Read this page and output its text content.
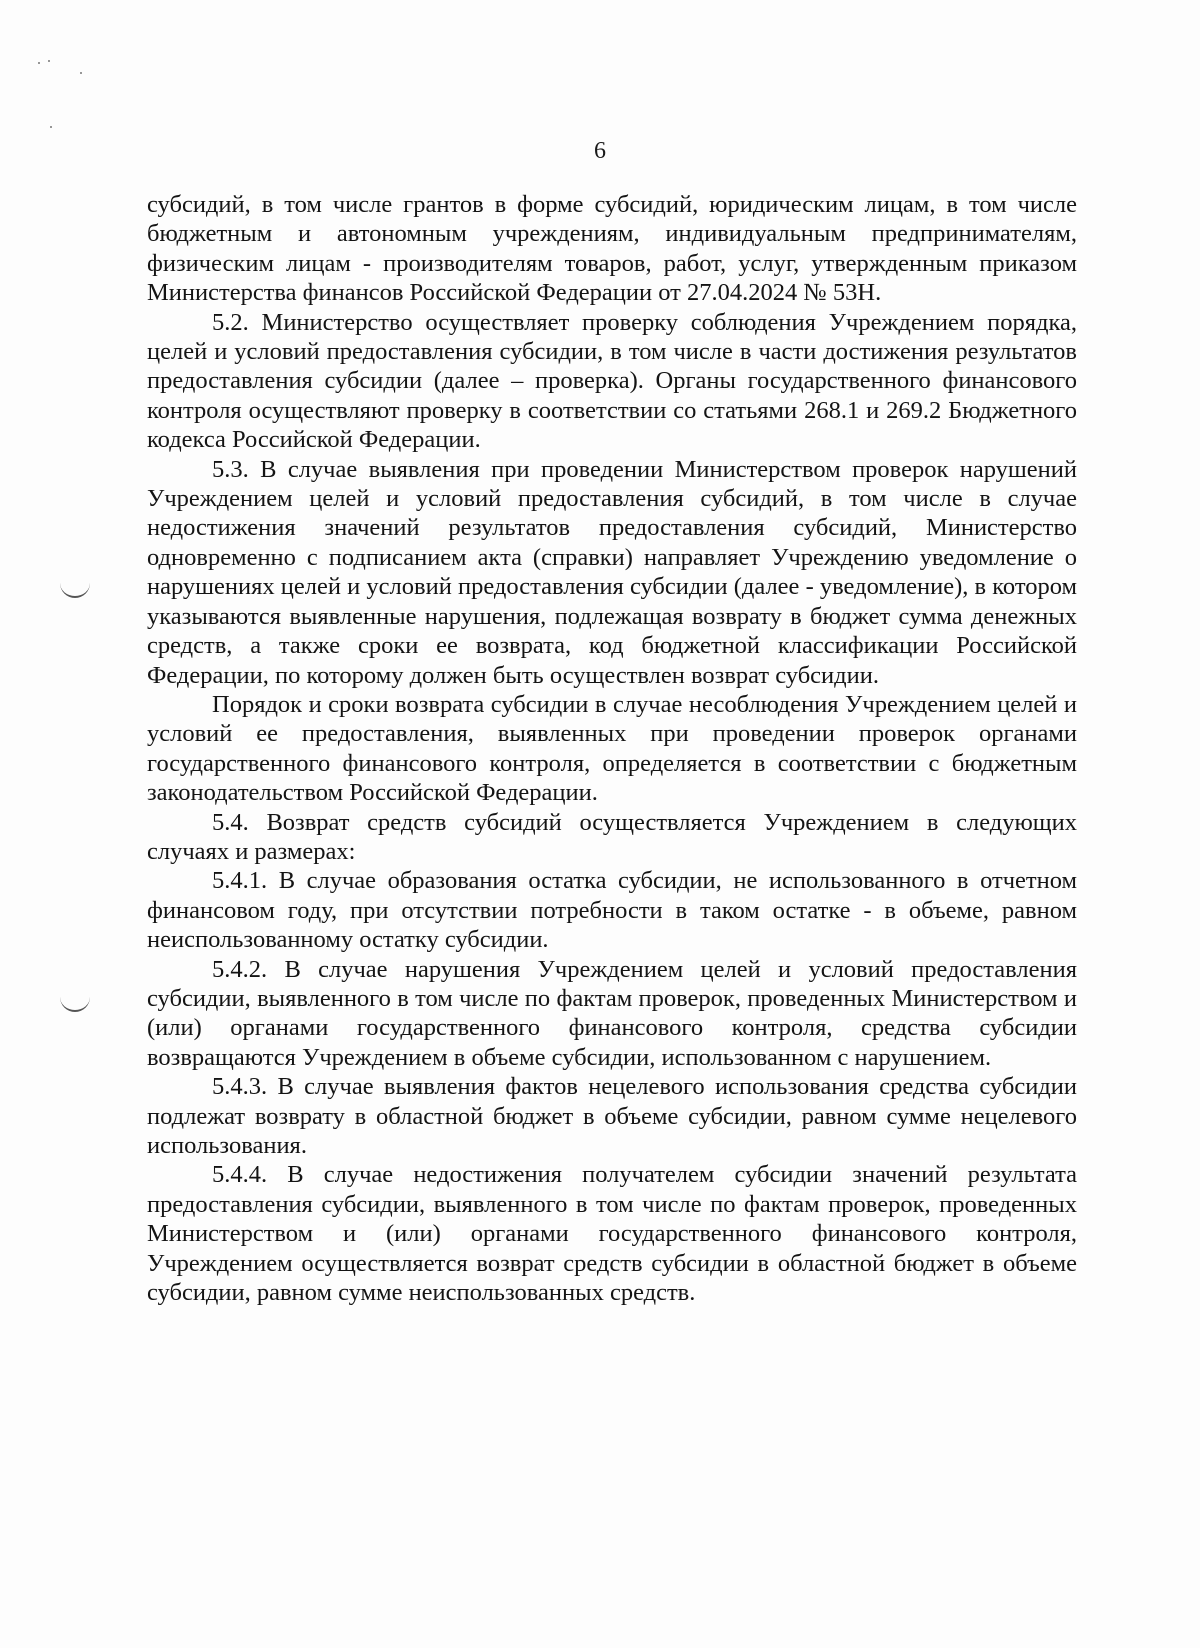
6

субсидий, в том числе грантов в форме субсидий, юридическим лицам, в том числе бюджетным и автономным учреждениям, индивидуальным предпринимателям, физическим лицам - производителям товаров, работ, услуг, утвержденным приказом Министерства финансов Российской Федерации от 27.04.2024 № 53Н.

5.2. Министерство осуществляет проверку соблюдения Учреждением порядка, целей и условий предоставления субсидии, в том числе в части достижения результатов предоставления субсидии (далее – проверка). Органы государственного финансового контроля осуществляют проверку в соответствии со статьями 268.1 и 269.2 Бюджетного кодекса Российской Федерации.

5.3. В случае выявления при проведении Министерством проверок нарушений Учреждением целей и условий предоставления субсидий, в том числе в случае недостижения значений результатов предоставления субсидий, Министерство одновременно с подписанием акта (справки) направляет Учреждению уведомление о нарушениях целей и условий предоставления субсидии (далее - уведомление), в котором указываются выявленные нарушения, подлежащая возврату в бюджет сумма денежных средств, а также сроки ее возврата, код бюджетной классификации Российской Федерации, по которому должен быть осуществлен возврат субсидии.

Порядок и сроки возврата субсидии в случае несоблюдения Учреждением целей и условий ее предоставления, выявленных при проведении проверок органами государственного финансового контроля, определяется в соответствии с бюджетным законодательством Российской Федерации.

5.4. Возврат средств субсидий осуществляется Учреждением в следующих случаях и размерах:

5.4.1. В случае образования остатка субсидии, не использованного в отчетном финансовом году, при отсутствии потребности в таком остатке - в объеме, равном неиспользованному остатку субсидии.

5.4.2. В случае нарушения Учреждением целей и условий предоставления субсидии, выявленного в том числе по фактам проверок, проведенных Министерством и (или) органами государственного финансового контроля, средства субсидии возвращаются Учреждением в объеме субсидии, использованном с нарушением.

5.4.3. В случае выявления фактов нецелевого использования средства субсидии подлежат возврату в областной бюджет в объеме субсидии, равном сумме нецелевого использования.

5.4.4. В случае недостижения получателем субсидии значений результата предоставления субсидии, выявленного в том числе по фактам проверок, проведенных Министерством и (или) органами государственного финансового контроля, Учреждением осуществляется возврат средств субсидии в областной бюджет в объеме субсидии, равном сумме неиспользованных средств.
